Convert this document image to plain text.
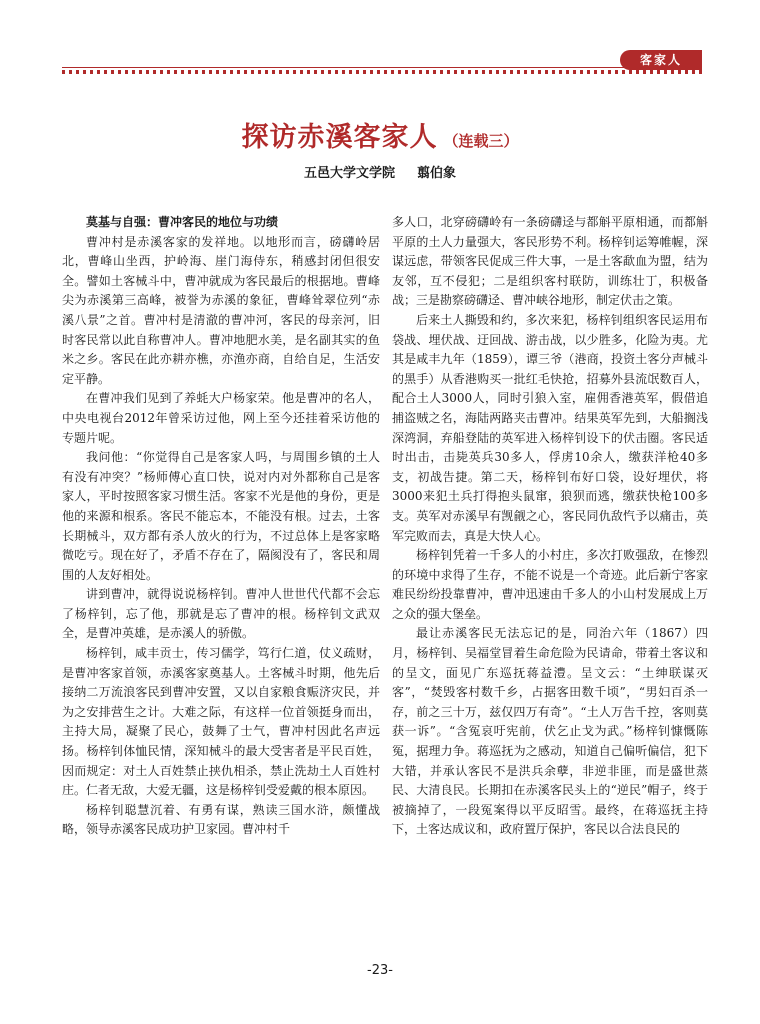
客家人
探访赤溪客家人 （连载三）
五邑大学文学院 翦伯象

莫基与自强：曹冲客民的地位与功绩

曹冲村是赤溪客家的发祥地。以地形而言，磅礴岭居北，曹峰山坐西，护岭海、崖门海侍东，稍感封闭但很安全。譬如土客械斗中，曹冲就成为客民最后的根据地。曹峰尖为赤溪第三高峰，被誉为赤溪的象征，曹峰耸翠位列“赤溪八景”之首。曹冲村是清澈的曹冲河，客民的母亲河，旧时客民常以此自称曹冲人。曹冲地肥水美，是名副其实的鱼米之乡。客民在此亦耕亦樵，亦渔亦商，自给自足，生活安定平静。

在曹冲我们见到了养蚝大户杨家荣。他是曹冲的名人，中央电视台2012年曾采访过他，网上至今还挂着采访他的专题片呢。

我问他：“你觉得自己是客家人吗，与周围乡镇的土人有没有冲突？”杨师傅心直口快，说对内对外都称自己是客家人，平时按照客家习惯生活。客家不光是他的身份，更是他的来源和根系。客民不能忘本，不能没有根。过去，土客长期械斗，双方都有杀人放火的行为，不过总体上是客家略微吃亏。现在好了，矛盾不存在了，隔阂没有了，客民和周围的人友好相处。

讲到曹冲，就得说说杨梓钊。曹冲人世世代代都不会忘了杨梓钊，忘了他，那就是忘了曹冲的根。杨梓钊文武双全，是曹冲英雄，是赤溪人的骄傲。

杨梓钊，咸丰贡士，传习儒学，笃行仁道，仗义疏财，是曹冲客家首领，赤溪客家奠基人。土客械斗时期，他先后接纳二万流浪客民到曹冲安置，又以自家粮食赈济灾民，并为之安排营生之计。大难之际，有这样一位首领挺身而出，主持大局，凝聚了民心，鼓舞了士气，曹冲村因此名声远扬。杨梓钊体恤民情，深知械斗的最大受害者是平民百姓，因而规定：对土人百姓禁止挟仇相杀，禁止洗劫土人百姓村庄。仁者无敌，大爱无疆，这是杨梓钊受爱戴的根本原因。

杨梓钊聪慧沉着、有勇有谋，熟读三国水浒，颇懂战略，领导赤溪客民成功护卫家园。曹冲村千

多人口，北穿磅礴岭有一条磅礴迳与都斛平原相通，而都斛平原的土人力量强大，客民形势不利。杨梓钊运筹帷幄，深谋远虑，带领客民促成三件大事，一是土客歃血为盟，结为友邻，互不侵犯；二是组织客村联防，训练壮丁，积极备战；三是勘察磅礴迳、曹冲峡谷地形，制定伏击之策。

后来土人撕毁和约，多次来犯，杨梓钊组织客民运用布袋战、埋伏战、迂回战、游击战，以少胜多，化险为夷。尤其是咸丰九年（1859），谭三爷（港商，投资土客分声械斗的黑手）从香港购买一批红毛快抢，招募外县流氓数百人，配合土人3000人，同时引狼入室，雇佣香港英军，假借追捕盗贼之名，海陆两路夹击曹冲。结果英军先到，大船搁浅深湾洞，弃船登陆的英军进入杨梓钊设下的伏击圈。客民适时出击，击毙英兵30多人，俘虏10余人，缴获洋枪40多支，初战告捷。第二天，杨梓钊布好口袋，设好埋伏，将3000来犯土兵打得抱头鼠窜，狼狈而逃，缴获快枪100多支。英军对赤溪早有觊觎之心，客民同仇敌忾予以痛击，英军完败而去，真是大快人心。

杨梓钊凭着一千多人的小村庄，多次打败强敌，在惨烈的环境中求得了生存，不能不说是一个奇迹。此后新宁客家难民纷纷投靠曹冲，曹冲迅速由千多人的小山村发展成上万之众的强大堡垒。

最让赤溪客民无法忘记的是，同治六年（1867）四月，杨梓钊、吴福堂冒着生命危险为民请命，带着土客议和的呈文，面见广东巡抚蒋益澧。呈文云：“土绅联谋灭客”，“焚毁客村数千乡，占据客田数千顷”，“男妇百杀一存，前之三十万，兹仅四万有奇”。“土人万告千控，客则莫获一诉”。“含冤哀吁宪前，伏乞止戈为武。”杨梓钊慷慨陈冤，据理力争。蒋巡抚为之感动，知道自己偏听偏信，犯下大错，并承认客民不是洪兵余孽，非逆非匪，而是盛世蒸民、大清良民。长期扣在赤溪客民头上的“逆民”帽子，终于被摘掉了，一段冤案得以平反昭雪。最终，在蒋巡抚主持下，土客达成议和，政府置厅保护，客民以合法良民的

-23-
